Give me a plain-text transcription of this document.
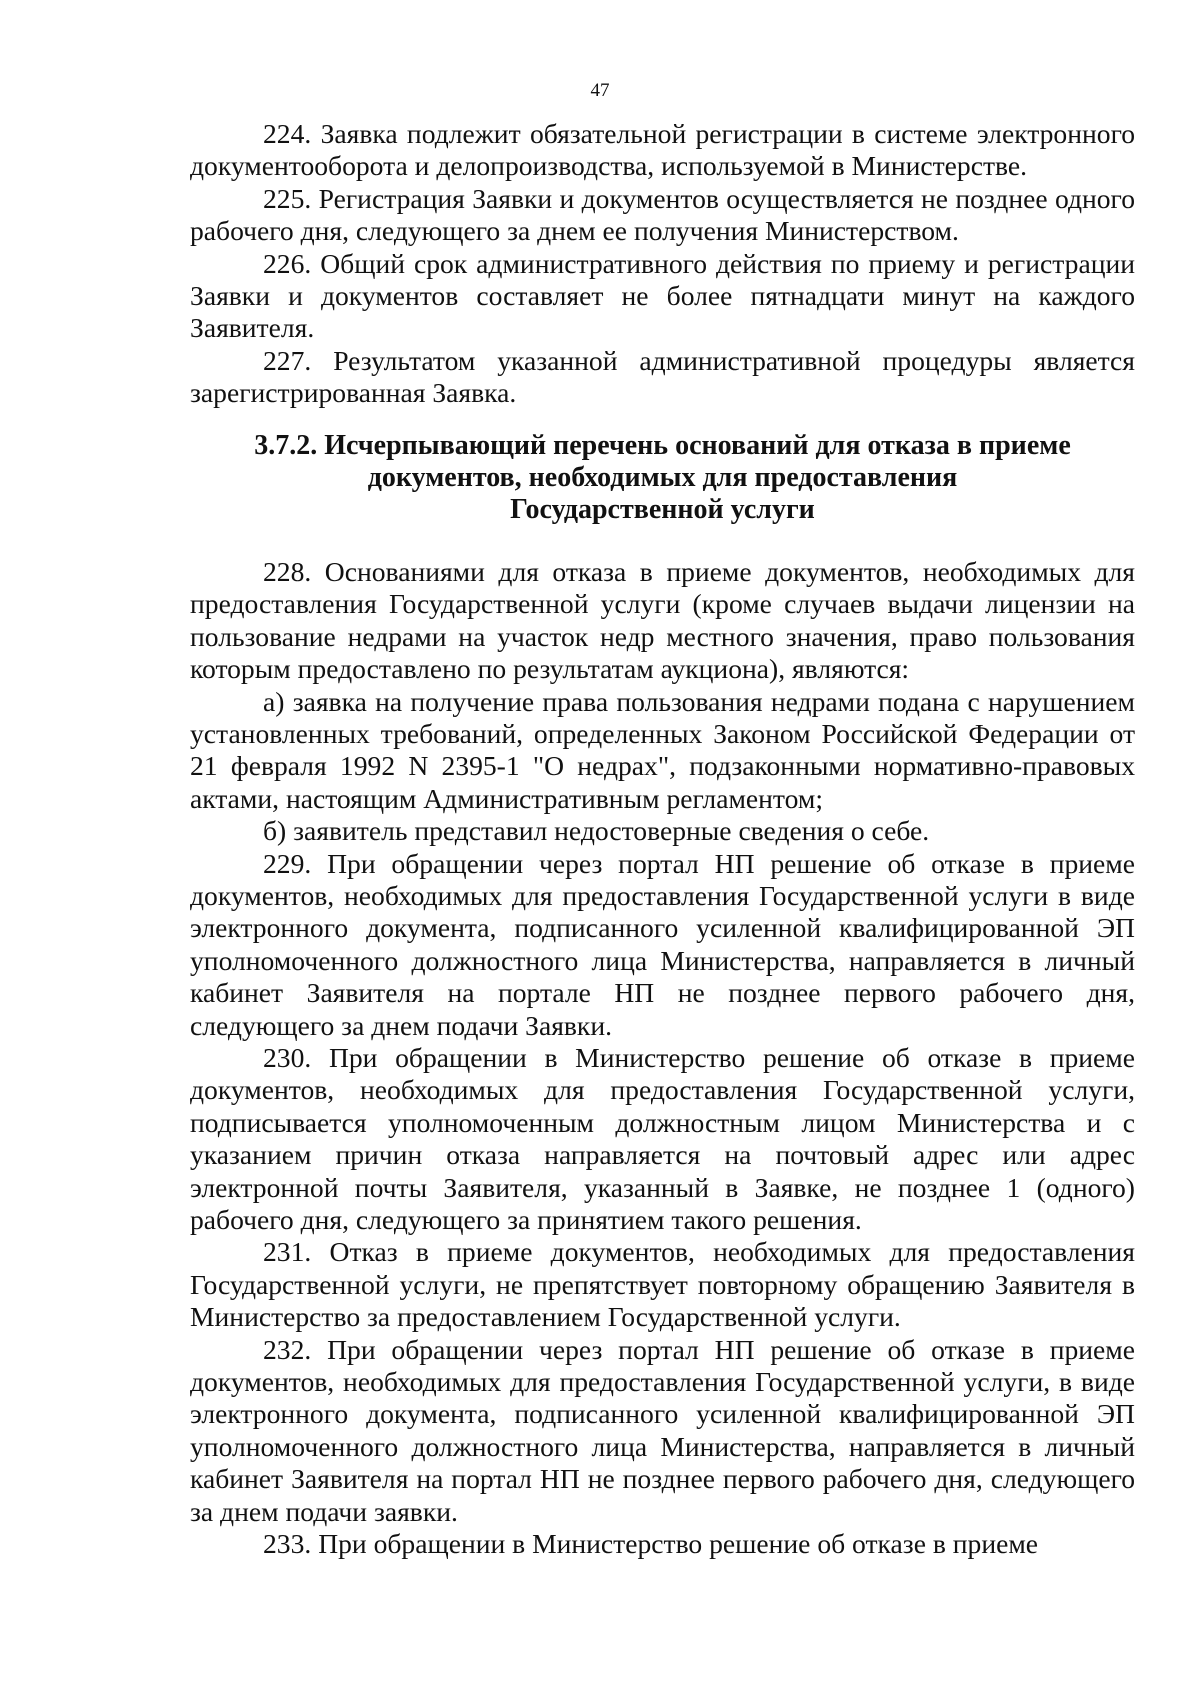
47

224. Заявка подлежит обязательной регистрации в системе электронного документооборота и делопроизводства, используемой в Министерстве.

225. Регистрация Заявки и документов осуществляется не позднее одного рабочего дня, следующего за днем ее получения Министерством.

226. Общий срок административного действия по приему и регистрации Заявки и документов составляет не более пятнадцати минут на каждого Заявителя.

227. Результатом указанной административной процедуры является зарегистрированная Заявка.

3.7.2. Исчерпывающий перечень оснований для отказа в приеме
документов, необходимых для предоставления
Государственной услуги

228. Основаниями для отказа в приеме документов, необходимых для предоставления Государственной услуги (кроме случаев выдачи лицензии на пользование недрами на участок недр местного значения, право пользования которым предоставлено по результатам аукциона), являются:

а) заявка на получение права пользования недрами подана с нарушением установленных требований, определенных Законом Российской Федерации от 21 февраля 1992 N 2395-1 "О недрах", подзаконными нормативно-правовых актами, настоящим Административным регламентом;

б) заявитель представил недостоверные сведения о себе.

229. При обращении через портал НП решение об отказе в приеме документов, необходимых для предоставления Государственной услуги в виде электронного документа, подписанного усиленной квалифицированной ЭП уполномоченного должностного лица Министерства, направляется в личный кабинет Заявителя на портале НП не позднее первого рабочего дня, следующего за днем подачи Заявки.

230. При обращении в Министерство решение об отказе в приеме документов, необходимых для предоставления Государственной услуги, подписывается уполномоченным должностным лицом Министерства и с указанием причин отказа направляется на почтовый адрес или адрес электронной почты Заявителя, указанный в Заявке, не позднее 1 (одного) рабочего дня, следующего за принятием такого решения.

231. Отказ в приеме документов, необходимых для предоставления Государственной услуги, не препятствует повторному обращению Заявителя в Министерство за предоставлением Государственной услуги.

232. При обращении через портал НП решение об отказе в приеме документов, необходимых для предоставления Государственной услуги, в виде электронного документа, подписанного усиленной квалифицированной ЭП уполномоченного должностного лица Министерства, направляется в личный кабинет Заявителя на портал НП не позднее первого рабочего дня, следующего за днем подачи заявки.

233. При обращении в Министерство решение об отказе в приеме
